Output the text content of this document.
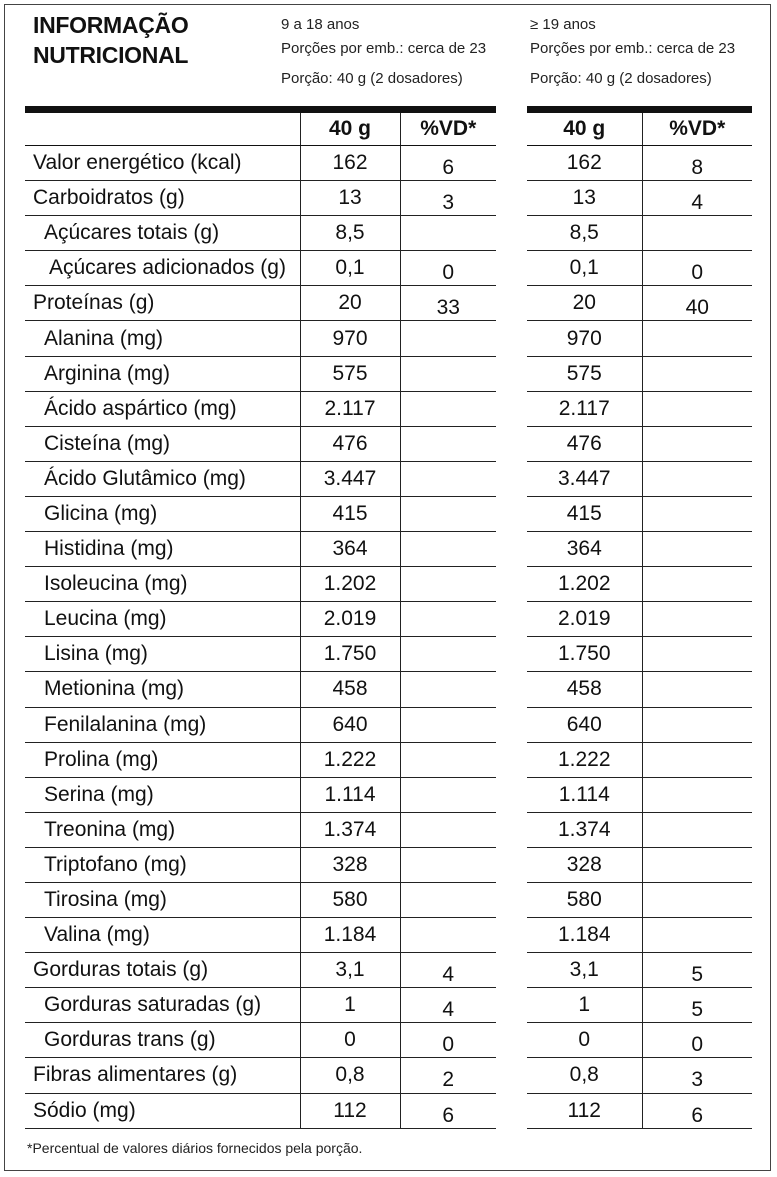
INFORMAÇÃO
NUTRICIONAL
9 a 18 anos
Porções por emb.: cerca de 23
Porção: 40 g (2 dosadores)
≥ 19 anos
Porções por emb.: cerca de 23
Porção: 40 g (2 dosadores)
	40 g	%VD*
Valor energético (kcal)	162	6
Carboidratos (g)	13	3
Açúcares totais (g)	8,5	
Açúcares adicionados (g)	0,1	0
Proteínas (g)	20	33
Alanina (mg)	970	
Arginina (mg)	575	
Ácido aspártico (mg)	2.117	
Cisteína (mg)	476	
Ácido Glutâmico (mg)	3.447	
Glicina (mg)	415	
Histidina (mg)	364	
Isoleucina (mg)	1.202	
Leucina (mg)	2.019	
Lisina (mg)	1.750	
Metionina (mg)	458	
Fenilalanina (mg)	640	
Prolina (mg)	1.222	
Serina (mg)	1.114	
Treonina (mg)	1.374	
Triptofano (mg)	328	
Tirosina (mg)	580	
Valina (mg)	1.184	
Gorduras totais (g)	3,1	4
Gorduras saturadas (g)	1	4
Gorduras trans (g)	0	0
Fibras alimentares (g)	0,8	2
Sódio (mg)	112	6
40 g	%VD*
162	8
13	4
8,5	
0,1	0
20	40
970	
575	
2.117	
476	
3.447	
415	
364	
1.202	
2.019	
1.750	
458	
640	
1.222	
1.114	
1.374	
328	
580	
1.184	
3,1	5
1	5
0	0
0,8	3
112	6
*Percentual de valores diários fornecidos pela porção.
